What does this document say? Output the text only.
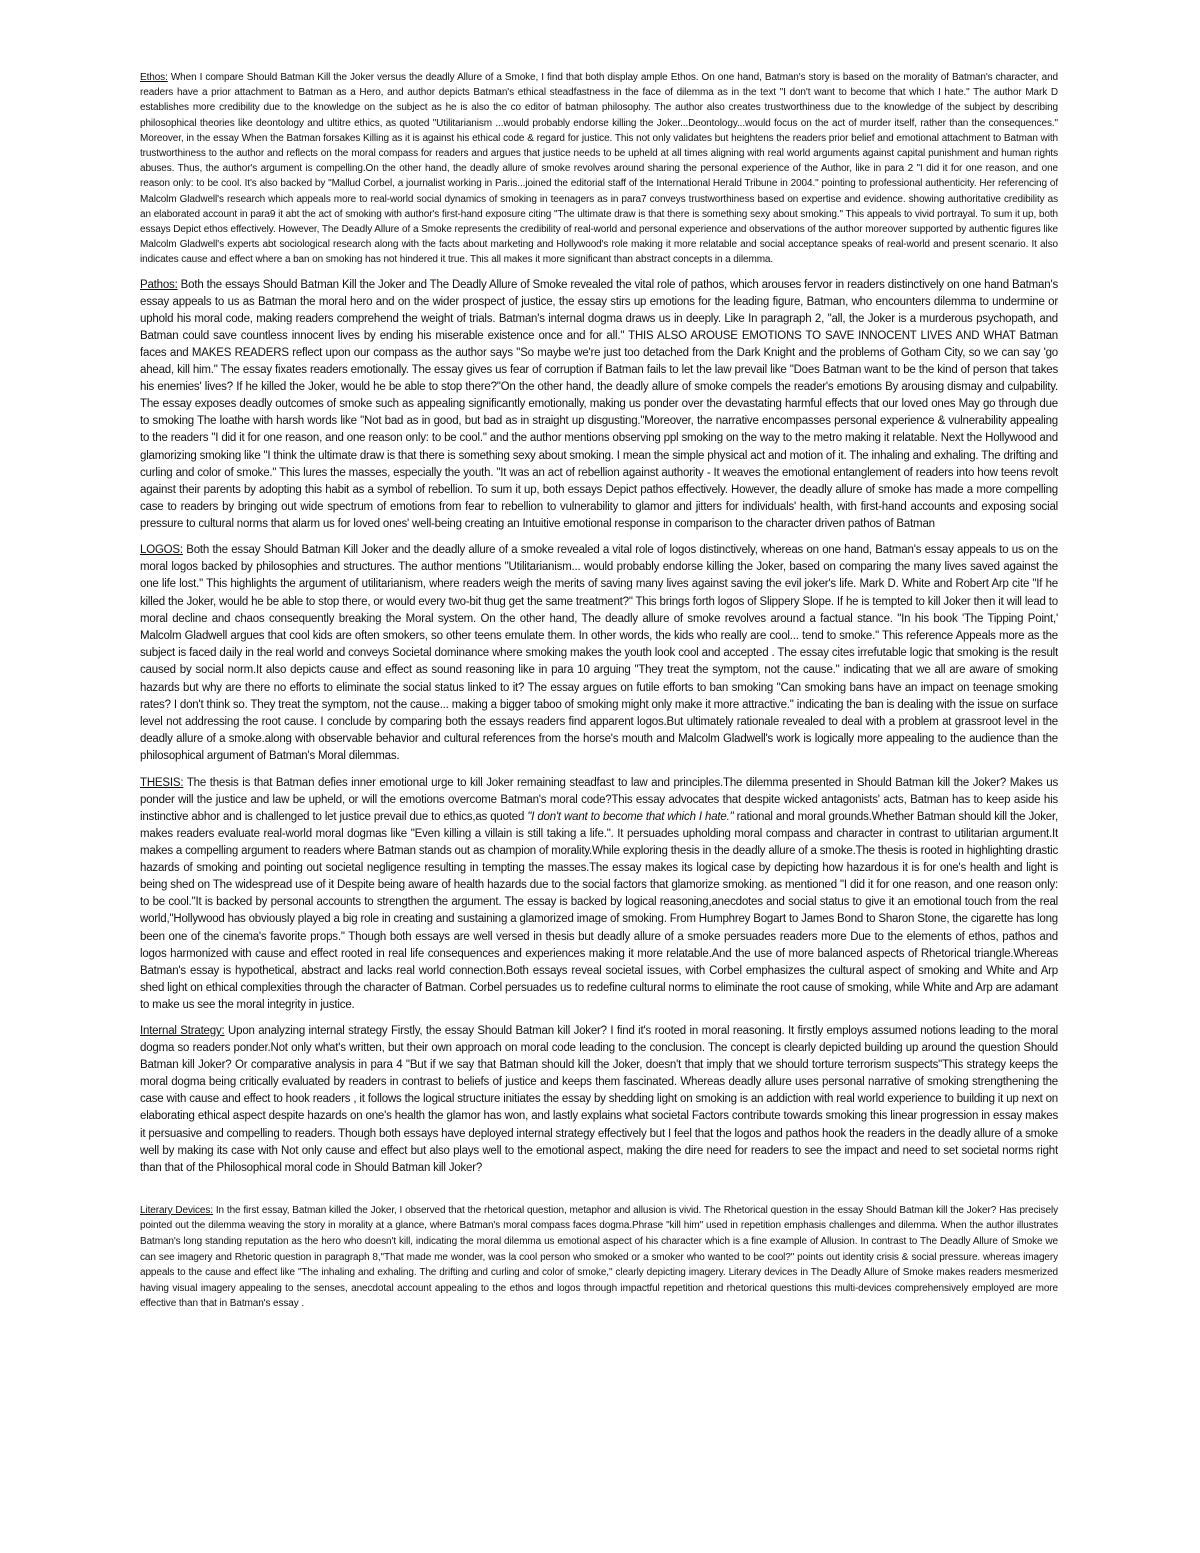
Ethos: When I compare Should Batman Kill the Joker versus the deadly Allure of a Smoke, I find that both display ample Ethos. On one hand, Batman's story is based on the morality of Batman's character, and readers have a prior attachment to Batman as a Hero, and author depicts Batman's ethical steadfastness in the face of dilemma as in the text "I don't want to become that which I hate." The author Mark D establishes more credibility due to the knowledge on the subject as he is also the co editor of batman philosophy. The author also creates trustworthiness due to the knowledge of the subject by describing philosophical theories like deontology and ultitre ethics, as quoted "Utilitarianism ...would probably endorse killing the Joker...Deontology...would focus on the act of murder itself, rather than the consequences." Moreover, in the essay When the Batman forsakes Killing as it is against his ethical code & regard for justice. This not only validates but heightens the readers prior belief and emotional attachment to Batman with trustworthiness to the author and reflects on the moral compass for readers and argues that justice needs to be upheld at all times aligning with real world arguments against capital punishment and human rights abuses. Thus, the author's argument is compelling.On the other hand, the deadly allure of smoke revolves around sharing the personal experience of the Author, like in para 2 "I did it for one reason, and one reason only: to be cool. It's also backed by "Mallud Corbel, a journalist working in Paris...joined the editorial staff of the International Herald Tribune in 2004." pointing to professional authenticity. Her referencing of Malcolm Gladwell's research which appeals more to real-world social dynamics of smoking in teenagers as in para7 conveys trustworthiness based on expertise and evidence. showing authoritative credibility as an elaborated account in para9 it abt the act of smoking with author's first-hand exposure citing "The ultimate draw is that there is something sexy about smoking." This appeals to vivid portrayal. To sum it up, both essays Depict ethos effectively. However, The Deadly Allure of a Smoke represents the credibility of real-world and personal experience and observations of the author moreover supported by authentic figures like Malcolm Gladwell's experts abt sociological research along with the facts about marketing and Hollywood's role making it more relatable and social acceptance speaks of real-world and present scenario. It also indicates cause and effect where a ban on smoking has not hindered it true. This all makes it more significant than abstract concepts in a dilemma.

Pathos: Both the essays Should Batman Kill the Joker and The Deadly Allure of Smoke revealed the vital role of pathos, which arouses fervor in readers distinctively on one hand Batman's essay appeals to us as Batman the moral hero and on the wider prospect of justice, the essay stirs up emotions for the leading figure, Batman, who encounters dilemma to undermine or uphold his moral code, making readers comprehend the weight of trials. Batman's internal dogma draws us in deeply. Like In paragraph 2, "all, the Joker is a murderous psychopath, and Batman could save countless innocent lives by ending his miserable existence once and for all." THIS ALSO AROUSE EMOTIONS TO SAVE INNOCENT LIVES AND WHAT Batman faces and MAKES READERS reflect upon our compass as the author says "So maybe we're just too detached from the Dark Knight and the problems of Gotham City, so we can say 'go ahead, kill him." The essay fixates readers emotionally. The essay gives us fear of corruption if Batman fails to let the law prevail like "Does Batman want to be the kind of person that takes his enemies' lives? If he killed the Joker, would he be able to stop there?"On the other hand, the deadly allure of smoke compels the reader's emotions By arousing dismay and culpability. The essay exposes deadly outcomes of smoke such as appealing significantly emotionally, making us ponder over the devastating harmful effects that our loved ones May go through due to smoking The loathe with harsh words like "Not bad as in good, but bad as in straight up disgusting."Moreover, the narrative encompasses personal experience & vulnerability appealing to the readers "I did it for one reason, and one reason only: to be cool." and the author mentions observing ppl smoking on the way to the metro making it relatable. Next the Hollywood and glamorizing smoking like "I think the ultimate draw is that there is something sexy about smoking. I mean the simple physical act and motion of it. The inhaling and exhaling. The drifting and curling and color of smoke." This lures the masses, especially the youth. "It was an act of rebellion against authority - It weaves the emotional entanglement of readers into how teens revolt against their parents by adopting this habit as a symbol of rebellion. To sum it up, both essays Depict pathos effectively. However, the deadly allure of smoke has made a more compelling case to readers by bringing out wide spectrum of emotions from fear to rebellion to vulnerability to glamor and jitters for individuals' health, with first-hand accounts and exposing social pressure to cultural norms that alarm us for loved ones' well-being creating an Intuitive emotional response in comparison to the character driven pathos of Batman

LOGOS: Both the essay Should Batman Kill Joker and the deadly allure of a smoke revealed a vital role of logos distinctively, whereas on one hand, Batman's essay appeals to us on the moral logos backed by philosophies and structures. The author mentions "Utilitarianism... would probably endorse killing the Joker, based on comparing the many lives saved against the one life lost." This highlights the argument of utilitarianism, where readers weigh the merits of saving many lives against saving the evil joker's life. Mark D. White and Robert Arp cite "If he killed the Joker, would he be able to stop there, or would every two-bit thug get the same treatment?" This brings forth logos of Slippery Slope. If he is tempted to kill Joker then it will lead to moral decline and chaos consequently breaking the Moral system. On the other hand, The deadly allure of smoke revolves around a factual stance. "In his book 'The Tipping Point,' Malcolm Gladwell argues that cool kids are often smokers, so other teens emulate them. In other words, the kids who really are cool... tend to smoke." This reference Appeals more as the subject is faced daily in the real world and conveys Societal dominance where smoking makes the youth look cool and accepted . The essay cites irrefutable logic that smoking is the result caused by social norm.It also depicts cause and effect as sound reasoning like in para 10 arguing "They treat the symptom, not the cause." indicating that we all are aware of smoking hazards but why are there no efforts to eliminate the social status linked to it? The essay argues on futile efforts to ban smoking "Can smoking bans have an impact on teenage smoking rates? I don't think so. They treat the symptom, not the cause... making a bigger taboo of smoking might only make it more attractive." indicating the ban is dealing with the issue on surface level not addressing the root cause. I conclude by comparing both the essays readers find apparent logos.But ultimately rationale revealed to deal with a problem at grassroot level in the deadly allure of a smoke.along with observable behavior and cultural references from the horse's mouth and Malcolm Gladwell's work is logically more appealing to the audience than the philosophical argument of Batman's Moral dilemmas.

THESIS: The thesis is that Batman defies inner emotional urge to kill Joker remaining steadfast to law and principles.The dilemma presented in Should Batman kill the Joker? Makes us ponder will the justice and law be upheld, or will the emotions overcome Batman's moral code?This essay advocates that despite wicked antagonists' acts, Batman has to keep aside his instinctive abhor and is challenged to let justice prevail due to ethics,as quoted "I don't want to become that which I hate." rational and moral grounds.Whether Batman should kill the Joker, makes readers evaluate real-world moral dogmas like "Even killing a villain is still taking a life.". It persuades upholding moral compass and character in contrast to utilitarian argument.It makes a compelling argument to readers where Batman stands out as champion of morality.While exploring thesis in the deadly allure of a smoke.The thesis is rooted in highlighting drastic hazards of smoking and pointing out societal negligence resulting in tempting the masses.The essay makes its logical case by depicting how hazardous it is for one's health and light is being shed on The widespread use of it Despite being aware of health hazards due to the social factors that glamorize smoking. as mentioned "I did it for one reason, and one reason only: to be cool."It is backed by personal accounts to strengthen the argument. The essay is backed by logical reasoning,anecdotes and social status to give it an emotional touch from the real world,"Hollywood has obviously played a big role in creating and sustaining a glamorized image of smoking. From Humphrey Bogart to James Bond to Sharon Stone, the cigarette has long been one of the cinema's favorite props." Though both essays are well versed in thesis but deadly allure of a smoke persuades readers more Due to the elements of ethos, pathos and logos harmonized with cause and effect rooted in real life consequences and experiences making it more relatable.And the use of more balanced aspects of Rhetorical triangle.Whereas Batman's essay is hypothetical, abstract and lacks real world connection.Both essays reveal societal issues, with Corbel emphasizes the cultural aspect of smoking and White and Arp shed light on ethical complexities through the character of Batman. Corbel persuades us to redefine cultural norms to eliminate the root cause of smoking, while White and Arp are adamant to make us see the moral integrity in justice.

Internal Strategy: Upon analyzing internal strategy Firstly, the essay Should Batman kill Joker? I find it's rooted in moral reasoning. It firstly employs assumed notions leading to the moral dogma so readers ponder.Not only what's written, but their own approach on moral code leading to the conclusion. The concept is clearly depicted building up around the question Should Batman kill Joker? Or comparative analysis in para 4 "But if we say that Batman should kill the Joker, doesn't that imply that we should torture terrorism suspects"This strategy keeps the moral dogma being critically evaluated by readers in contrast to beliefs of justice and keeps them fascinated. Whereas deadly allure uses personal narrative of smoking strengthening the case with cause and effect to hook readers , it follows the logical structure initiates the essay by shedding light on smoking is an addiction with real world experience to building it up next on elaborating ethical aspect despite hazards on one's health the glamor has won, and lastly explains what societal Factors contribute towards smoking this linear progression in essay makes it persuasive and compelling to readers. Though both essays have deployed internal strategy effectively but I feel that the logos and pathos hook the readers in the deadly allure of a smoke well by making its case with Not only cause and effect but also plays well to the emotional aspect, making the dire need for readers to see the impact and need to set societal norms right than that of the Philosophical moral code in Should Batman kill Joker?

Literary Devices: In the first essay, Batman killed the Joker, I observed that the rhetorical question, metaphor and allusion is vivid. The Rhetorical question in the essay Should Batman kill the Joker? Has precisely pointed out the dilemma weaving the story in morality at a glance, where Batman's moral compass faces dogma.Phrase "kill him" used in repetition emphasis challenges and dilemma. When the author illustrates Batman's long standing reputation as the hero who doesn't kill, indicating the moral dilemma us emotional aspect of his character which is a fine example of Allusion. In contrast to The Deadly Allure of Smoke we can see imagery and Rhetoric question in paragraph 8,"That made me wonder, was la cool person who smoked or a smoker who wanted to be cool?" points out identity crisis & social pressure. whereas imagery appeals to the cause and effect like "The inhaling and exhaling. The drifting and curling and color of smoke," clearly depicting imagery. Literary devices in The Deadly Allure of Smoke makes readers mesmerized having visual imagery appealing to the senses, anecdotal account appealing to the ethos and logos through impactful repetition and rhetorical questions this multi-devices comprehensively employed are more effective than that in Batman's essay .
